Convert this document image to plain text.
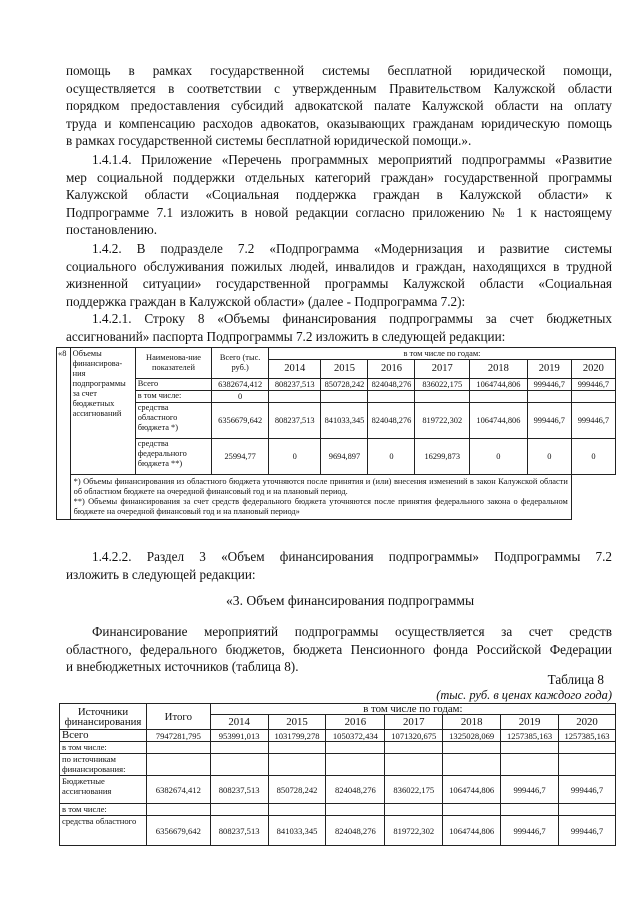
помощь в рамках государственной системы бесплатной юридической помощи,
осуществляется в соответствии с утвержденным Правительством Калужской области
порядком предоставления субсидий адвокатской палате Калужской области на оплату
труда и компенсацию расходов адвокатов, оказывающих гражданам юридическую помощь
в рамках государственной системы бесплатной юридической помощи.».
1.4.1.4. Приложение «Перечень программных мероприятий подпрограммы «Развитие
мер социальной поддержки отдельных категорий граждан» государственной программы
Калужской области «Социальная поддержка граждан в Калужской области» к
Подпрограмме 7.1 изложить в новой редакции согласно приложению № 1 к настоящему
постановлению.
1.4.2. В подразделе 7.2 «Подпрограмма «Модернизация и развитие системы
социального обслуживания пожилых людей, инвалидов и граждан, находящихся в трудной
жизненной ситуации» государственной программы Калужской области «Социальная
поддержка граждан в Калужской области» (далее - Подпрограмма 7.2):
1.4.2.1. Строку 8 «Объемы финансирования подпрограммы за счет бюджетных
ассигнований» паспорта Подпрограммы 7.2 изложить в следующей редакции:
«8	Объемы финансирова-ния подпрограммы за счет бюджетных ассигнований	Наименова-ние показателей	Всего (тыс. руб.)	в том числе по годам:						
				2014	2015	2016	2017	2018	2019	2020
		Всего	6382674,412	808237,513	850728,242	824048,276	836022,175	1064744,806	999446,7	999446,7
		в том числе:	0							
		средства областного бюджета *)	6356679,642	808237,513	841033,345	824048,276	819722,302	1064744,806	999446,7	999446,7
		средства федерального бюджета **)	25994,77	0	9694,897	0	16299,873	0	0	0

	*) Объемы финансирования из областного бюджета уточняются после принятия и (или) внесения изменений в закон Калужской области об областном бюджете на очередной финансовый год и на плановый период.
**) Объемы финансирования за счет средств федерального бюджета уточняются после принятия федерального закона о федеральном бюджете на очередной финансовый год и на плановый период»									
1.4.2.2. Раздел 3 «Объем финансирования подпрограммы» Подпрограммы 7.2
изложить в следующей редакции:
«3. Объем финансирования подпрограммы
Финансирование мероприятий подпрограммы осуществляется за счет средств
областного, федерального бюджетов, бюджета Пенсионного фонда Российской Федерации
и внебюджетных источников (таблица 8).
Таблица 8
(тыс. руб. в ценах каждого года)
Источники финансирования	Итого	в том числе по годам:						
		2014	2015	2016	2017	2018	2019	2020
Всего	7947281,795	953991,013	1031799,278	1050372,434	1071320,675	1325028,069	1257385,163	1257385,163
в том числе:								
по источникам финансирования:								
Бюджетные ассигнования	6382674,412	808237,513	850728,242	824048,276	836022,175	1064744,806	999446,7	999446,7
в том числе:								
средства областного	6356679,642	808237,513	841033,345	824048,276	819722,302	1064744,806	999446,7	999446,7
